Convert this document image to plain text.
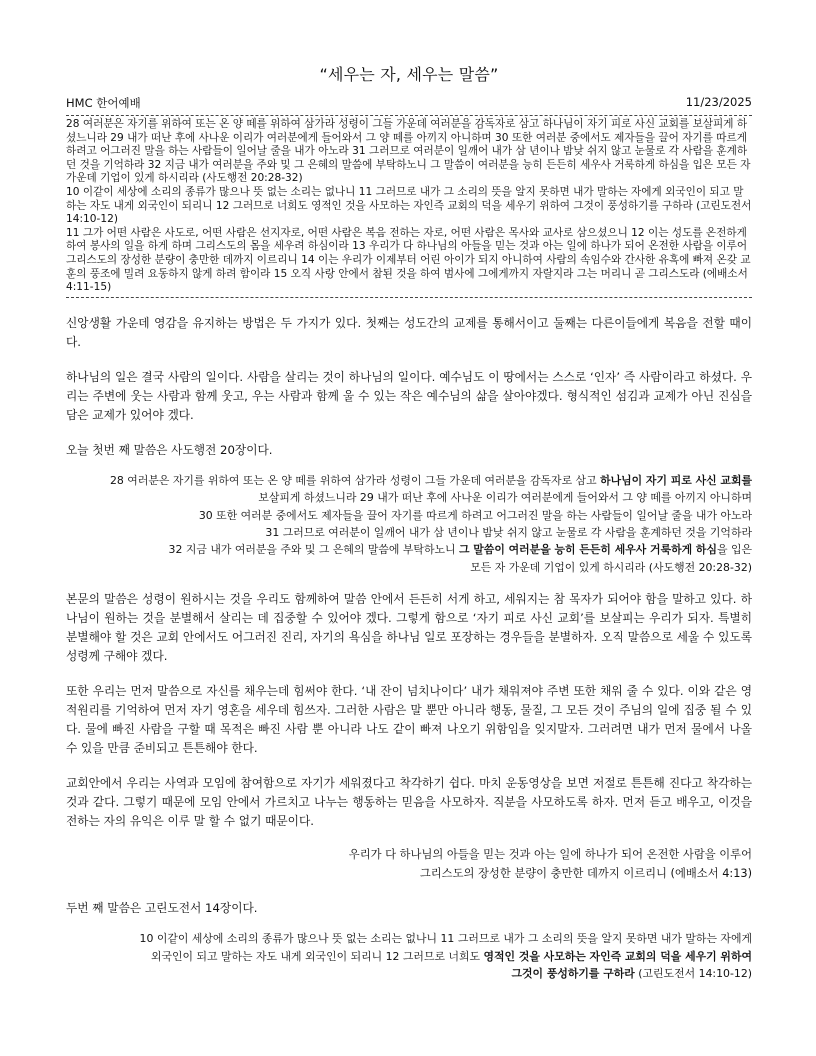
“세우는 자, 세우는 말씀”
HMC 한어예배	11/23/2025

28 여러분은 자기를 위하여 또는 온 양 떼를 위하여 삼가라 성령이 그들 가운데 여러분을 감독자로 삼고 하나님이 자기 피로 사신 교회를 보살피게 하셨느니라 29 내가 떠난 후에 사나운 이리가 여러분에게 들어와서 그 양 떼를 아끼지 아니하며 30 또한 여러분 중에서도 제자들을 끌어 자기를 따르게 하려고 어그러진 말을 하는 사람들이 일어날 줄을 내가 아노라 31 그러므로 여러분이 일깨어 내가 삼 년이나 밤낮 쉬지 않고 눈물로 각 사람을 훈계하던 것을 기억하라 32 지금 내가 여러분을 주와 및 그 은혜의 말씀에 부탁하노니 그 말씀이 여러분을 능히 든든히 세우사 거룩하게 하심을 입은 모든 자 가운데 기업이 있게 하시리라 (사도행전 20:28-32)

10 이같이 세상에 소리의 종류가 많으나 뜻 없는 소리는 없나니 11 그러므로 내가 그 소리의 뜻을 알지 못하면 내가 말하는 자에게 외국인이 되고 말하는 자도 내게 외국인이 되리니 12 그러므로 너희도 영적인 것을 사모하는 자인즉 교회의 덕을 세우기 위하여 그것이 풍성하기를 구하라 (고린도전서 14:10-12)

11 그가 어떤 사람은 사도로, 어떤 사람은 선지자로, 어떤 사람은 복음 전하는 자로, 어떤 사람은 목사와 교사로 삼으셨으니 12 이는 성도를 온전하게 하여 봉사의 일을 하게 하며 그리스도의 몸을 세우려 하심이라 13 우리가 다 하나님의 아들을 믿는 것과 아는 일에 하나가 되어 온전한 사람을 이루어 그리스도의 장성한 분량이 충만한 데까지 이르리니 14 이는 우리가 이제부터 어린 아이가 되지 아니하여 사람의 속임수와 간사한 유혹에 빠져 온갖 교훈의 풍조에 밀려 요동하지 않게 하려 함이라 15 오직 사랑 안에서 참된 것을 하여 범사에 그에게까지 자랄지라 그는 머리니 곧 그리스도라 (에배소서 4:11-15)

신앙생활 가운데 영감을 유지하는 방법은 두 가지가 있다. 첫째는 성도간의 교제를 통해서이고 둘째는 다른이들에게 복음을 전할 때이다.

하나님의 일은 결국 사람의 일이다. 사람을 살리는 것이 하나님의 일이다. 예수님도 이 땅에서는 스스로 ‘인자’ 즉 사람이라고 하셨다. 우리는 주변에 웃는 사람과 함께 웃고, 우는 사람과 함께 울 수 있는 작은 예수님의 삶을 살아야겠다. 형식적인 섬김과 교제가 아닌 진심을 담은 교제가 있어야 겠다.

오늘 첫번 째 말씀은 사도행전 20장이다.

28 여러분은 자기를 위하여 또는 온 양 떼를 위하여 삼가라 성령이 그들 가운데 여러분을 감독자로 삼고 하나님이 자기 피로 사신 교회를
보살피게 하셨느니라 29 내가 떠난 후에 사나운 이리가 여러분에게 들어와서 그 양 떼를 아끼지 아니하며
30 또한 여러분 중에서도 제자들을 끌어 자기를 따르게 하려고 어그러진 말을 하는 사람들이 일어날 줄을 내가 아노라
31 그러므로 여러분이 일깨어 내가 삼 년이나 밤낮 쉬지 않고 눈물로 각 사람을 훈계하던 것을 기억하라
32 지금 내가 여러분을 주와 및 그 은혜의 말씀에 부탁하노니 그 말씀이 여러분을 능히 든든히 세우사 거룩하게 하심을 입은
모든 자 가운데 기업이 있게 하시리라 (사도행전 20:28-32)

본문의 말씀은 성령이 원하시는 것을 우리도 함께하여 말씀 안에서 든든히 서게 하고, 세워지는 참 목자가 되어야 함을 말하고 있다. 하나님이 원하는 것을 분별해서 살리는 데 집중할 수 있어야 겠다. 그렇게 함으로 ‘자기 피로 사신 교회’를 보살피는 우리가 되자. 특별히 분별해야 할 것은 교회 안에서도 어그러진 진리, 자기의 욕심을 하나님 일로 포장하는 경우들을 분별하자. 오직 말씀으로 세울 수 있도록 성령께 구해야 겠다.

또한 우리는 먼저 말씀으로 자신를 채우는데 힘써야 한다. ‘내 잔이 넘치나이다’ 내가 채워져야 주변 또한 채워 줄 수 있다. 이와 같은 영적원리를 기억하여 먼저 자기 영혼을 세우데 힘쓰자. 그러한 사람은 말 뿐만 아니라 행동, 물질, 그 모든 것이 주님의 일에 집중 될 수 있다. 물에 빠진 사람을 구할 때 목적은 빠진 사람 뿐 아니라 나도 같이 빠져 나오기 위함임을 잊지말자. 그러려면 내가 먼저 물에서 나올 수 있을 만큼 준비되고 튼튼해야 한다.

교회안에서 우리는 사역과 모임에 참여함으로 자기가 세워졌다고 착각하기 쉽다. 마치 운동영상을 보면 저절로 튼튼해 진다고 착각하는 것과 같다. 그렇기 때문에 모임 안에서 가르치고 나누는 행동하는 믿음을 사모하자. 직분을 사모하도록 하자. 먼저 듣고 배우고, 이것을 전하는 자의 유익은 이루 말 할 수 없기 때문이다.

우리가 다 하나님의 아들을 믿는 것과 아는 일에 하나가 되어 온전한 사람을 이루어
그리스도의 장성한 분량이 충만한 데까지 이르리니 (에배소서 4:13)

두번 째 말씀은 고린도전서 14장이다.

10 이같이 세상에 소리의 종류가 많으나 뜻 없는 소리는 없나니 11 그러므로 내가 그 소리의 뜻을 알지 못하면 내가 말하는 자에게
외국인이 되고 말하는 자도 내게 외국인이 되리니 12 그러므로 너희도 영적인 것을 사모하는 자인즉 교회의 덕을 세우기 위하여
그것이 풍성하기를 구하라 (고린도전서 14:10-12)
